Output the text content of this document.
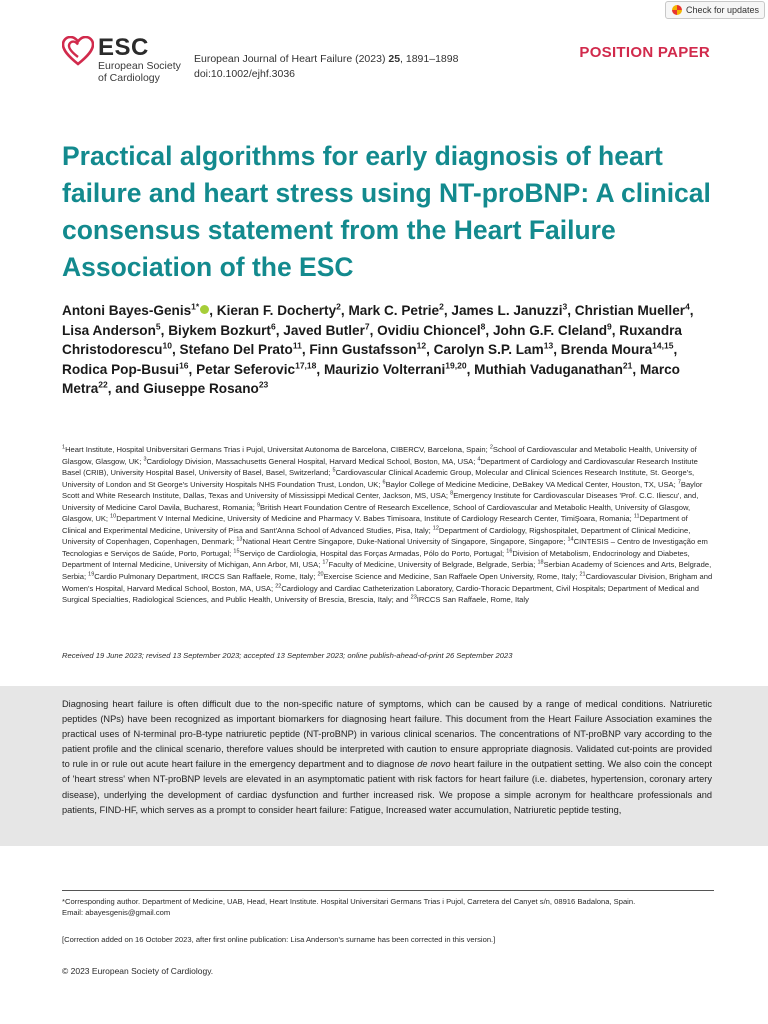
Check for updates
ESC
European Society
of Cardiology
European Journal of Heart Failure (2023) 25, 1891–1898
doi:10.1002/ejhf.3036
POSITION PAPER
Practical algorithms for early diagnosis of heart failure and heart stress using NT-proBNP: A clinical consensus statement from the Heart Failure Association of the ESC
Antoni Bayes-Genis$^{1*}$ , Kieran F. Docherty$^2$, Mark C. Petrie$^2$, James L. Januzzi$^3$, Christian Mueller$^4$, Lisa Anderson$^5$, Biykem Bozkurt$^6$, Javed Butler$^7$, Ovidiu Chioncel$^8$, John G.F. Cleland$^9$, Ruxandra Christodorescu$^{10}$, Stefano Del Prato$^{11}$, Finn Gustafsson$^{12}$, Carolyn S.P. Lam$^{13}$, Brenda Moura$^{14,15}$, Rodica Pop-Busui$^{16}$, Petar Seferovic$^{17,18}$, Maurizio Volterrani$^{19,20}$, Muthiah Vaduganathan$^{21}$, Marco Metra$^{22}$, and Giuseppe Rosano$^{23}$
$^1$Heart Institute, Hospital Unibversitari Germans Trias i Pujol, Universitat Autonoma de Barcelona, CIBERCV, Barcelona, Spain; $^2$School of Cardiovascular and Metabolic Health, University of Glasgow, Glasgow, UK; $^3$Cardiology Division, Massachusetts General Hospital, Harvard Medical School, Boston, MA, USA; $^4$Department of Cardiology and Cardiovascular Research Institute Basel (CRIB), University Hospital Basel, University of Basel, Basel, Switzerland; $^5$Cardiovascular Clinical Academic Group, Molecular and Clinical Sciences Research Institute, St. George's, University of London and St George's University Hospitals NHS Foundation Trust, London, UK; $^6$Baylor College of Medicine Medicine, DeBakey VA Medical Center, Houston, TX, USA; $^7$Baylor Scott and White Research Institute, Dallas, Texas and University of Mississippi Medical Center, Jackson, MS, USA; $^8$Emergency Institute for Cardiovascular Diseases 'Prof. C.C. Iliescu', and, University of Medicine Carol Davila, Bucharest, Romania; $^9$British Heart Foundation Centre of Research Excellence, School of Cardiovascular and Metabolic Health, University of Glasgow, Glasgow, UK; $^{10}$Department V Internal Medicine, University of Medicine and Pharmacy V. Babes Timisoara, Institute of Cardiology Research Center, TimiŞoara, Romania; $^{11}$Department of Clinical and Experimental Medicine, University of Pisa and Sant'Anna School of Advanced Studies, Pisa, Italy; $^{12}$Department of Cardiology, Rigshospitalet, Department of Clinical Medicine, University of Copenhagen, Copenhagen, Denmark; $^{13}$National Heart Centre Singapore, Duke-National University of Singapore, Singapore, Singapore; $^{14}$CINTESIS – Centro de Investigação em Tecnologias e Serviços de Saúde, Porto, Portugal; $^{15}$Serviço de Cardiologia, Hospital das Forças Armadas, Pólo do Porto, Portugal; $^{16}$Division of Metabolism, Endocrinology and Diabetes, Department of Internal Medicine, University of Michigan, Ann Arbor, MI, USA; $^{17}$Faculty of Medicine, University of Belgrade, Belgrade, Serbia; $^{18}$Serbian Academy of Sciences and Arts, Belgrade, Serbia; $^{19}$Cardio Pulmonary Department, IRCCS San Raffaele, Rome, Italy; $^{20}$Exercise Science and Medicine, San Raffaele Open University, Rome, Italy; $^{21}$Cardiovascular Division, Brigham and Women's Hospital, Harvard Medical School, Boston, MA, USA; $^{22}$Cardiology and Cardiac Catheterization Laboratory, Cardio-Thoracic Department, Civil Hospitals; Department of Medical and Surgical Specialties, Radiological Sciences, and Public Health, University of Brescia, Brescia, Italy; and $^{23}$IRCCS San Raffaele, Rome, Italy
Received 19 June 2023; revised 13 September 2023; accepted 13 September 2023; online publish-ahead-of-print 26 September 2023
Diagnosing heart failure is often difficult due to the non-specific nature of symptoms, which can be caused by a range of medical conditions. Natriuretic peptides (NPs) have been recognized as important biomarkers for diagnosing heart failure. This document from the Heart Failure Association examines the practical uses of N-terminal pro-B-type natriuretic peptide (NT-proBNP) in various clinical scenarios. The concentrations of NT-proBNP vary according to the patient profile and the clinical scenario, therefore values should be interpreted with caution to ensure appropriate diagnosis. Validated cut-points are provided to rule in or rule out acute heart failure in the emergency department and to diagnose de novo heart failure in the outpatient setting. We also coin the concept of 'heart stress' when NT-proBNP levels are elevated in an asymptomatic patient with risk factors for heart failure (i.e. diabetes, hypertension, coronary artery disease), underlying the development of cardiac dysfunction and further increased risk. We propose a simple acronym for healthcare professionals and patients, FIND-HF, which serves as a prompt to consider heart failure: Fatigue, Increased water accumulation, Natriuretic peptide testing,
*Corresponding author. Department of Medicine, UAB, Head, Heart Institute. Hospital Universitari Germans Trias i Pujol, Carretera del Canyet s/n, 08916 Badalona, Spain.
Email: abayesgenis@gmail.com
[Correction added on 16 October 2023, after first online publication: Lisa Anderson's surname has been corrected in this version.]
© 2023 European Society of Cardiology.
